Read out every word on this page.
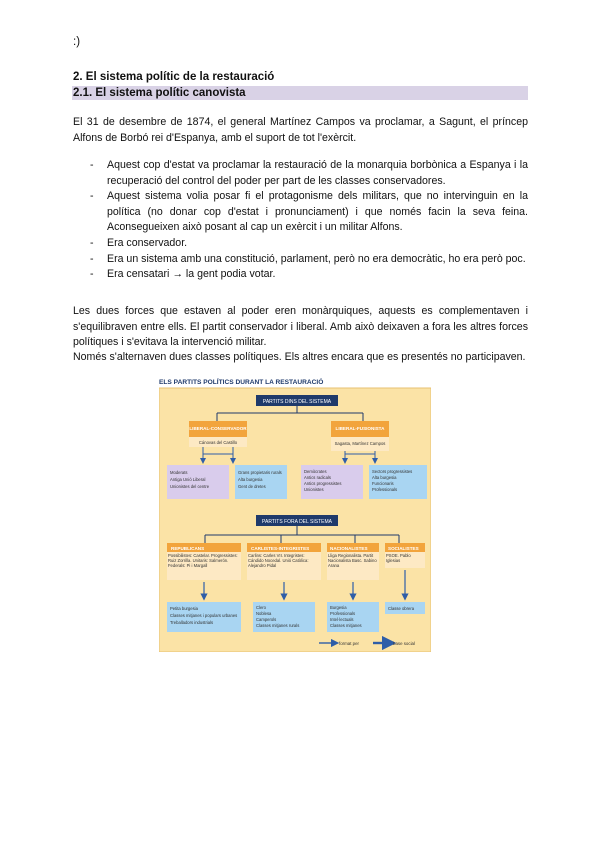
:)
2. El sistema polític de la restauració
2.1. El sistema polític canovista

El 31 de desembre de 1874, el general Martínez Campos va proclamar, a Sagunt, el príncep Alfons de Borbó rei d'Espanya, amb el suport de tot l'exèrcit.

- Aquest cop d'estat va proclamar la restauració de la monarquia borbònica a Espanya i la recuperació del control del poder per part de les classes conservadores.
- Aquest sistema volia posar fi el protagonisme dels militars, que no intervinguin en la política (no donar cop d'estat i pronunciament) i que només facin la seva feina. Aconsegueixen això posant al cap un exèrcit i un militar Alfons.
- Era conservador.
- Era un sistema amb una constitució, parlament, però no era democràtic, ho era però poc.
- Era censatari → la gent podia votar.

Les dues forces que estaven al poder eren monàrquiques, aquests es complementaven i s'equilibraven entre ells. El partit conservador i liberal. Amb això deixaven a fora les altres forces polítiques i s'evitava la intervenció militar.

Només s'alternaven dues classes polítiques. Els altres encara que es presentés no participaven.

ELS PARTITS POLÍTICS DURANT LA RESTAURACIÓ
PARTITS DINS DEL SISTEMA
LIBERAL-CONSERVADOR
Cánovas del Castillo
LIBERAL-FUSIONISTA
Sagasta, Martínez Campos
Moderats Antiga Unió Liberal Unionistes del centre
Grans propietaris rurals Alta burgesia Gent de dretes
Demòcrates Antics radicals Antics progressistes Unionistes
Sectors progressistes Alta burgesia Funcionaris Professionals
PARTITS FORA DEL SISTEMA
REPUBLICANS	CARLISTES-INTEGRISTES	NACIONALISTES	SOCIALISTES
Possibilistes: Castelar. Progressistes: Ruiz Zorrilla. Unitaris: Salmerón. Federals: Pi i Margall
Carlins: Carles VII. Integristes: Cándido Nocedal. Unió Catòlica: Alejandro Pidal
Lliga Regionalista. Partit Nacionalista Basc. Sabino Arana
PSOE. Pablo Iglesias
Petita burgesia Classes mitjanes i populars urbanes Treballadors industrials
Clero Noblesa Camperols Classes mitjanes rurals
Burgesia Professionals Intel·lectuals Classes mitjanes
Classe obrera
format per	base social
